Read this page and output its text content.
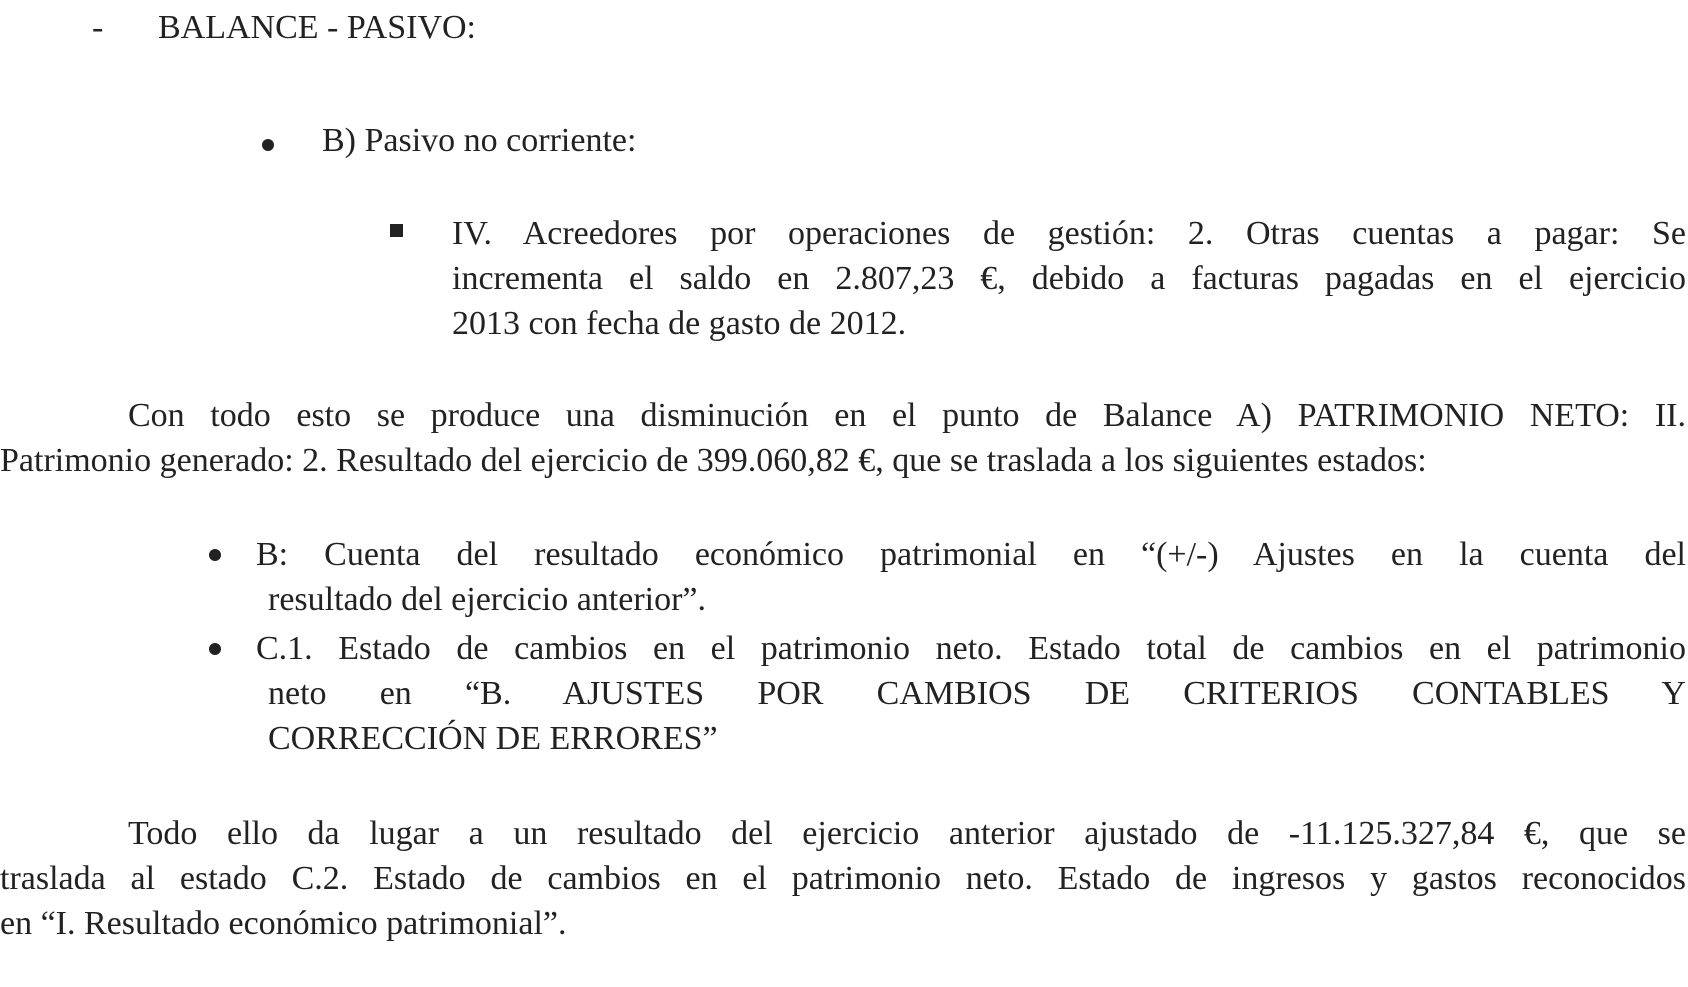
- BALANCE - PASIVO:
B) Pasivo no corriente:
IV. Acreedores por operaciones de gestión: 2. Otras cuentas a pagar: Se
incrementa el saldo en 2.807,23 €, debido a facturas pagadas en el ejercicio
2013 con fecha de gasto de 2012.
Con todo esto se produce una disminución en el punto de Balance A) PATRIMONIO NETO: II.
Patrimonio generado: 2. Resultado del ejercicio de 399.060,82 €, que se traslada a los siguientes estados:
B: Cuenta del resultado económico patrimonial en “(+/-) Ajustes en la cuenta del
resultado del ejercicio anterior”.
C.1. Estado de cambios en el patrimonio neto. Estado total de cambios en el patrimonio
neto en “B. AJUSTES POR CAMBIOS DE CRITERIOS CONTABLES Y
CORRECCIÓN DE ERRORES”
Todo ello da lugar a un resultado del ejercicio anterior ajustado de -11.125.327,84 €, que se
traslada al estado C.2. Estado de cambios en el patrimonio neto. Estado de ingresos y gastos reconocidos
en “I. Resultado económico patrimonial”.
